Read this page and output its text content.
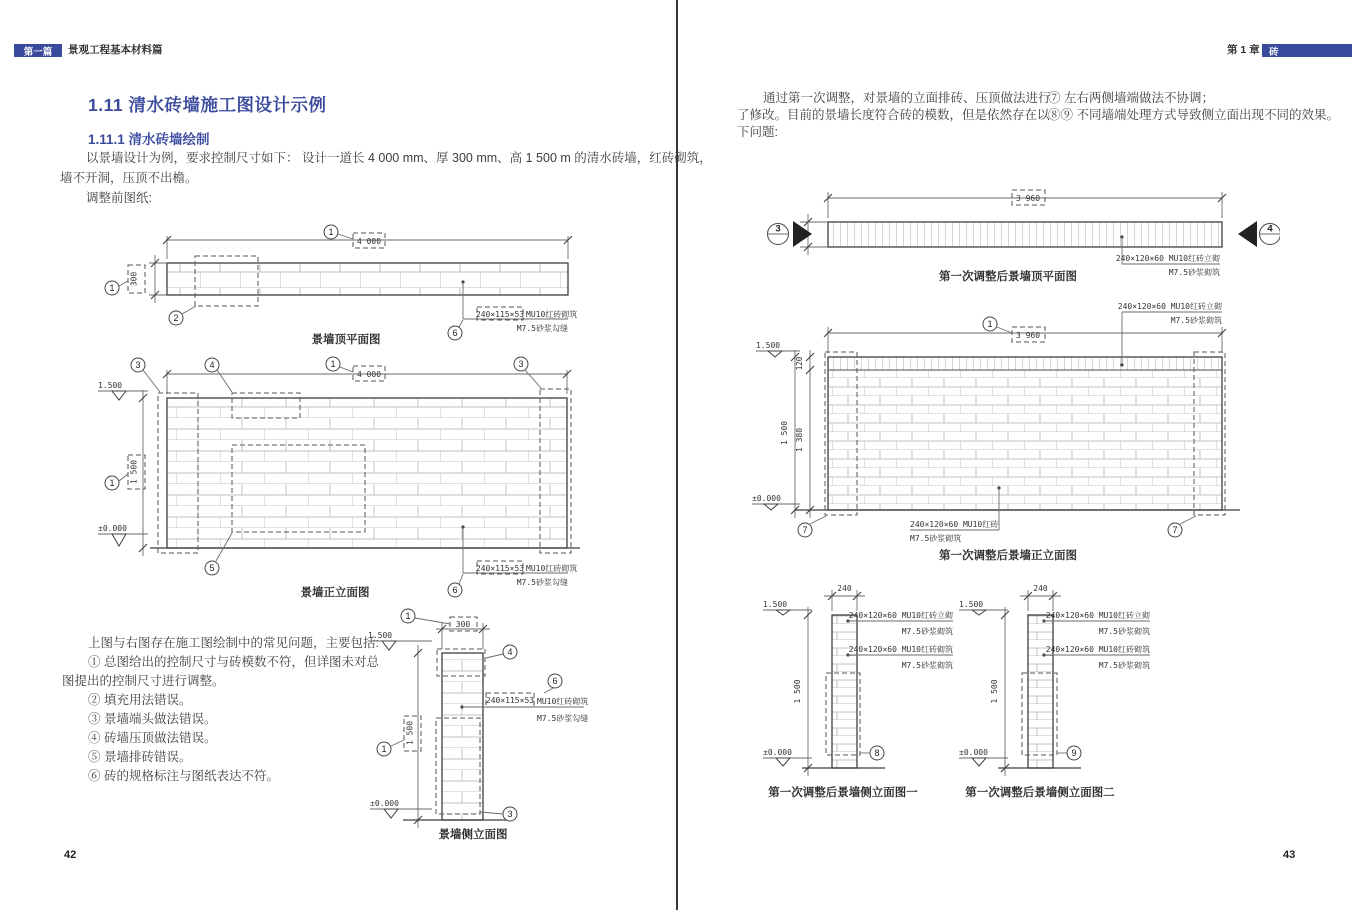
第一篇 景观工程基本材料篇
1.11 清水砖墙施工图设计示例
1.11.1 清水砖墙绘制
以景墙设计为例，要求控制尺寸如下： 设计一道长 4 000 mm、厚 300 mm、高 1 500 m 的清水砖墙，红砖砌筑，
墙不开洞，压顶不出檐。
调整前图纸:
4 000
1
300
1
2	240×115×53 MU10红砖砌筑
M7.5砂浆勾缝
6
景墙顶平面图
4 000
1
3	4	3
1.500
±0.000
1 500
1
5	240×115×53 MU10红砖砌筑
M7.5砂浆勾缝
6
景墙正立面图
上图与右图存在施工图绘制中的常见问题，主要包括:
① 总图给出的控制尺寸与砖模数不符，但详图未对总
图提出的控制尺寸进行调整。
② 填充用法错误。
③ 景墙端头做法错误。
④ 砖墙压顶做法错误。
⑤ 景墙排砖错误。
⑥ 砖的规格标注与图纸表达不符。
300
1
1.500
±0.000
1 500
1
4
240×115×53 MU10红砖砌筑
M7.5砂浆勾缝
6
3
景墙侧立面图
42
第 1 章 砖
通过第一次调整，对景墙的立面排砖、压顶做法进行
了修改。目前的景墙长度符合砖的模数，但是依然存在以
下问题:
⑦ 左右两侧墙端做法不协调；
⑧⑨ 不同墙端处理方式导致侧立面出现不同的效果。
3 960
3	4
240×120×60 MU10红砖立砌
M7.5砂浆砌筑
第一次调整后景墙顶平面图
240×120×60 MU10红砖立砌
M7.5砂浆砌筑
3 960
1
1.500
±0.000
1 500
120
1 380
7	7
240×120×60 MU10红砖
M7.5砂浆砌筑
第一次调整后景墙正立面图
240
1.500
±0.000
1 500
240×120×60 MU10红砖立砌
M7.5砂浆砌筑
240×120×60 MU10红砖砌筑
M7.5砂浆砌筑
8
第一次调整后景墙侧立面图一
240
1.500
±0.000
1 500
240×120×60 MU10红砖立砌
M7.5砂浆砌筑
240×120×60 MU10红砖砌筑
M7.5砂浆砌筑
9
第一次调整后景墙侧立面图二
43
